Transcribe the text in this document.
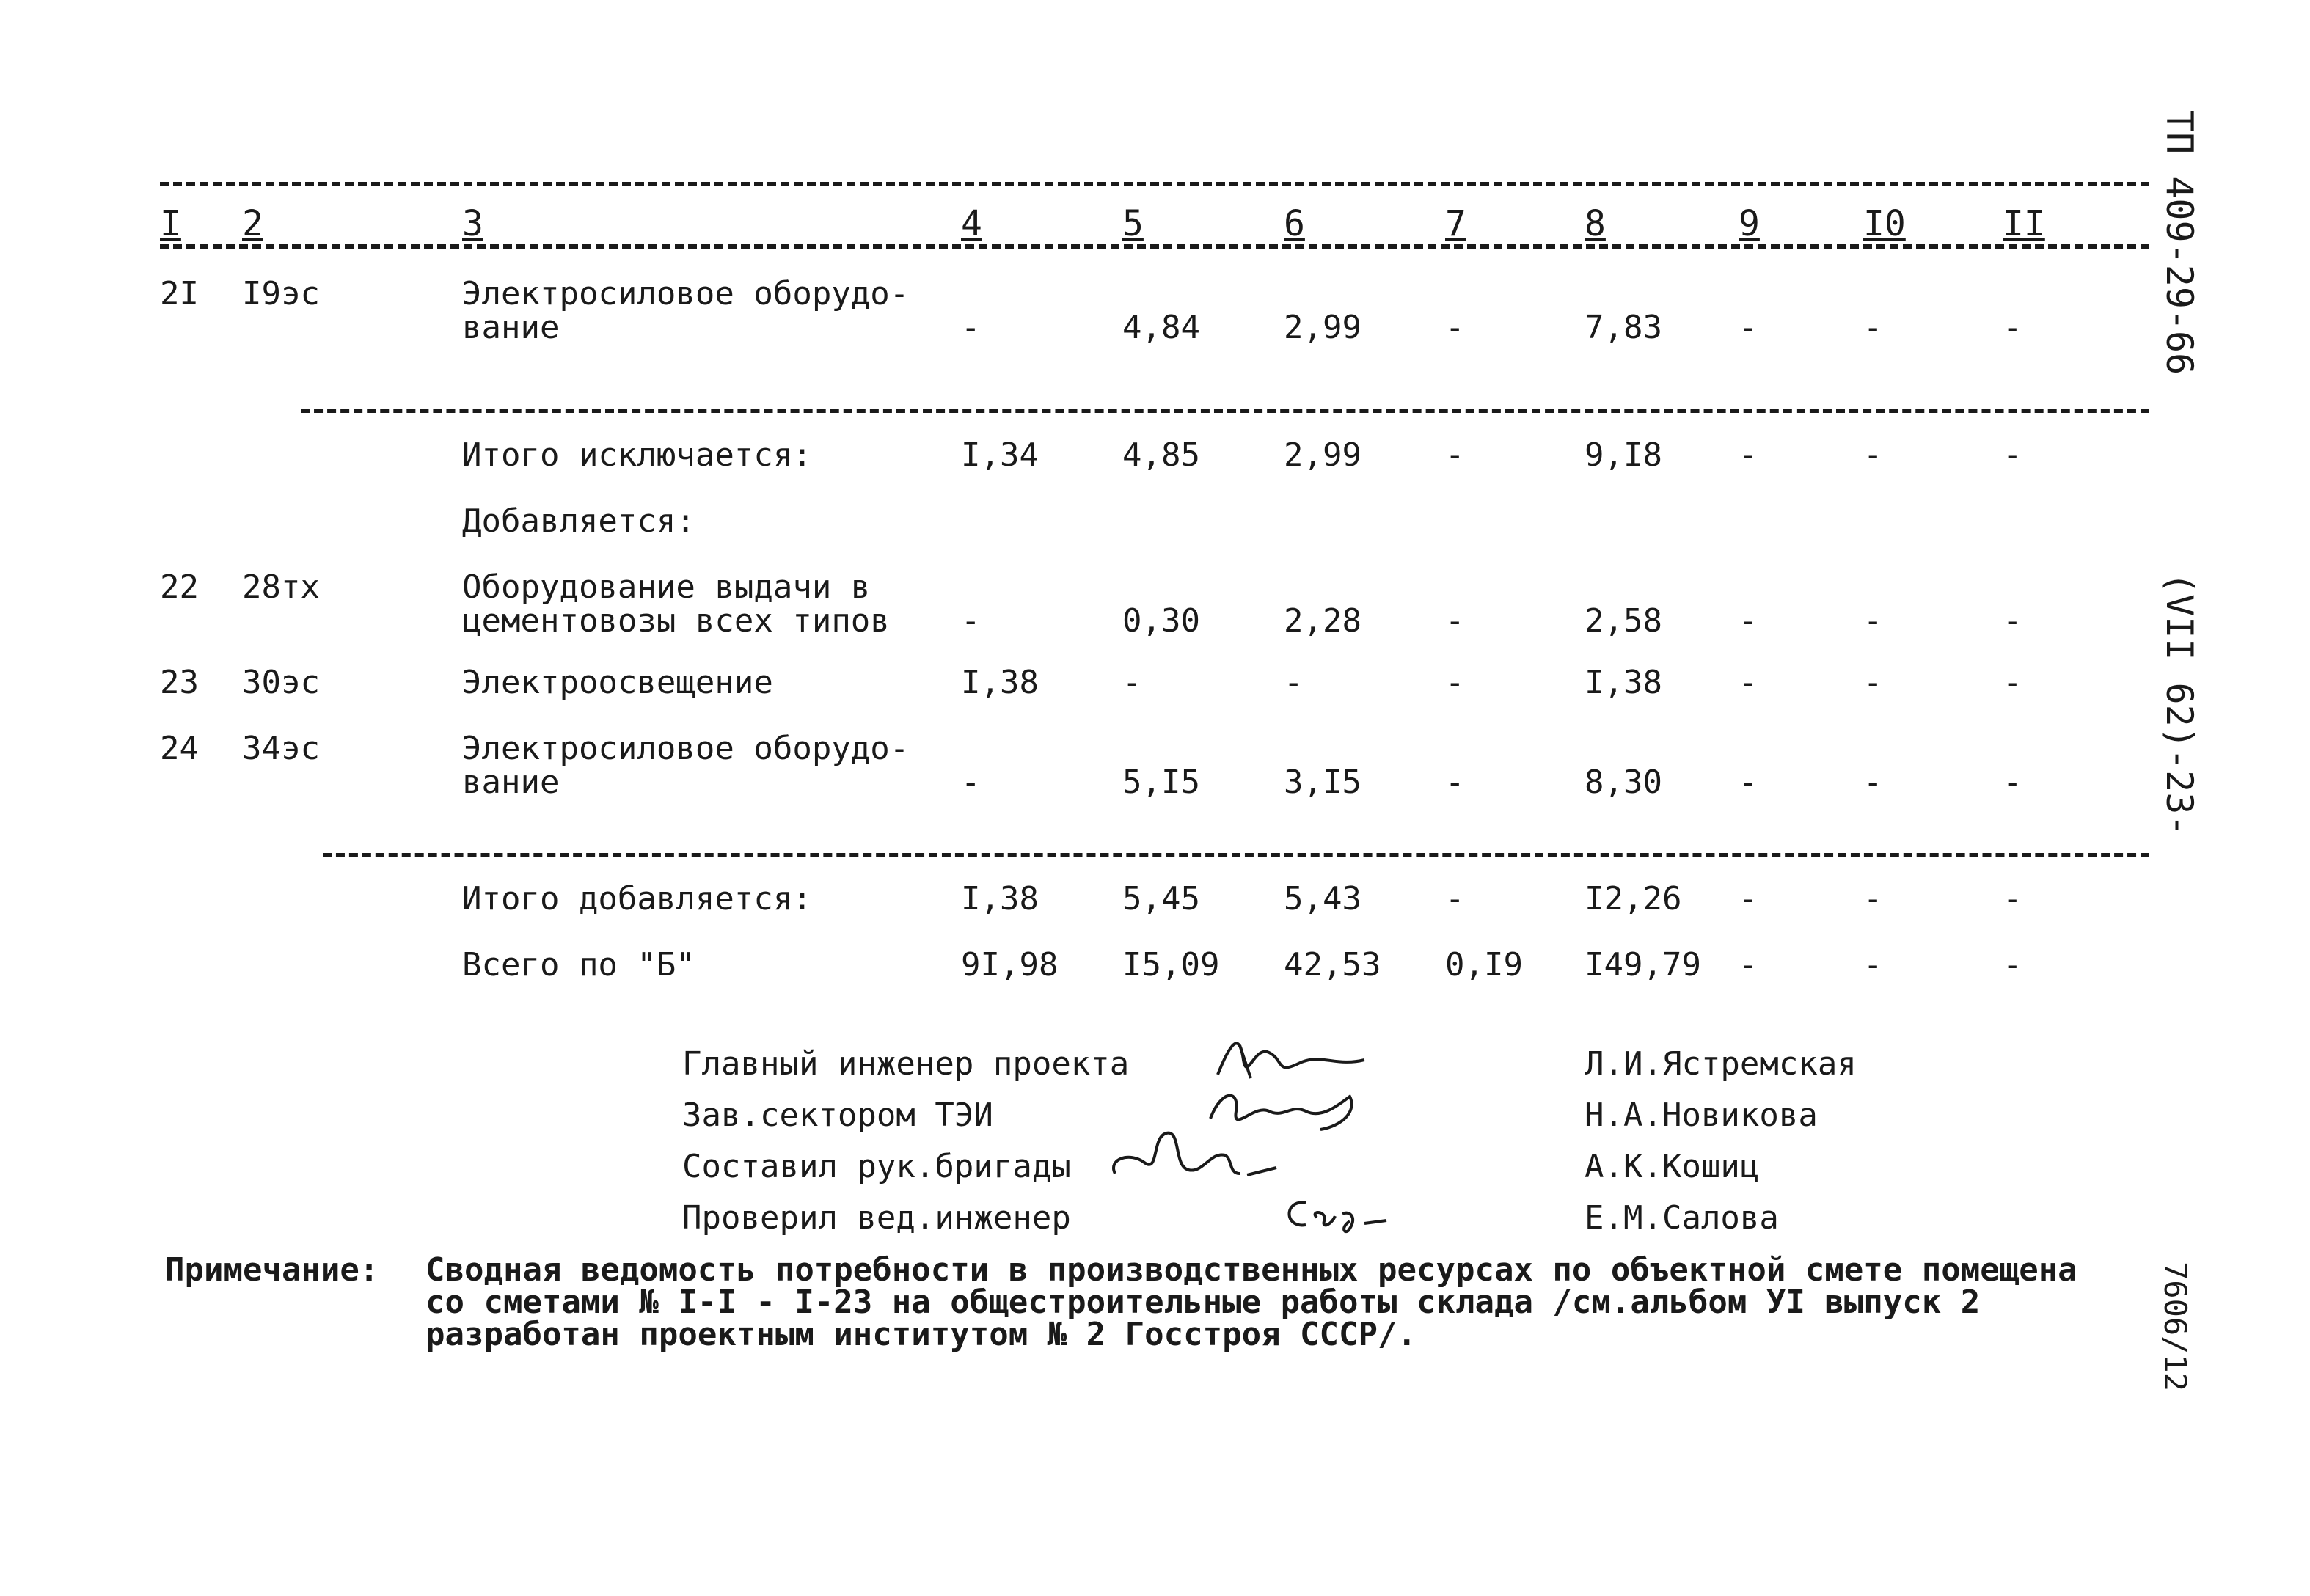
I 2	3	4	5	6	7	8	9	I0	II
2I I9эс	Электросиловое оборудо-
вание	-	4,84	2,99	-	7,83 -	-	-
Итого исключается:	I,34	4,85	2,99	-	9,I8 -	-	-
Добавляется:
22 28тх	Оборудование выдачи в
цементовозы всех типов -	0,30	2,28	-	2,58 -	-	-
23 30эс	Электроосвещение	I,38	-	-	-	I,38 -	-	-
24 34эс	Электросиловое оборудо-
вание	-	5,I5	3,I5	-	8,30 -	-	-
Итого добавляется:	I,38	5,45	5,43	-	I2,26 -	-	-
Всего по "Б"	9I,98 I5,09 42,53 0,I9 I49,79 -	-	-
Главный инженер проекта	Л.И.Ястремская
Зав.сектором ТЭИ	Н.А.Новикова
Составил рук.бригады	А.К.Кошиц
Проверил вед.инженер	Е.М.Салова
Примечание: Сводная ведомость потребности в производственных ресурсах по объектной смете помещена
со сметами № I-I - I-23 на общестроительные работы склада /см.альбом УI выпуск 2
разработан проектным институтом № 2 Госстроя СССР/.
ТП 409-29-66
(VII 62)
-23-
7606/12
